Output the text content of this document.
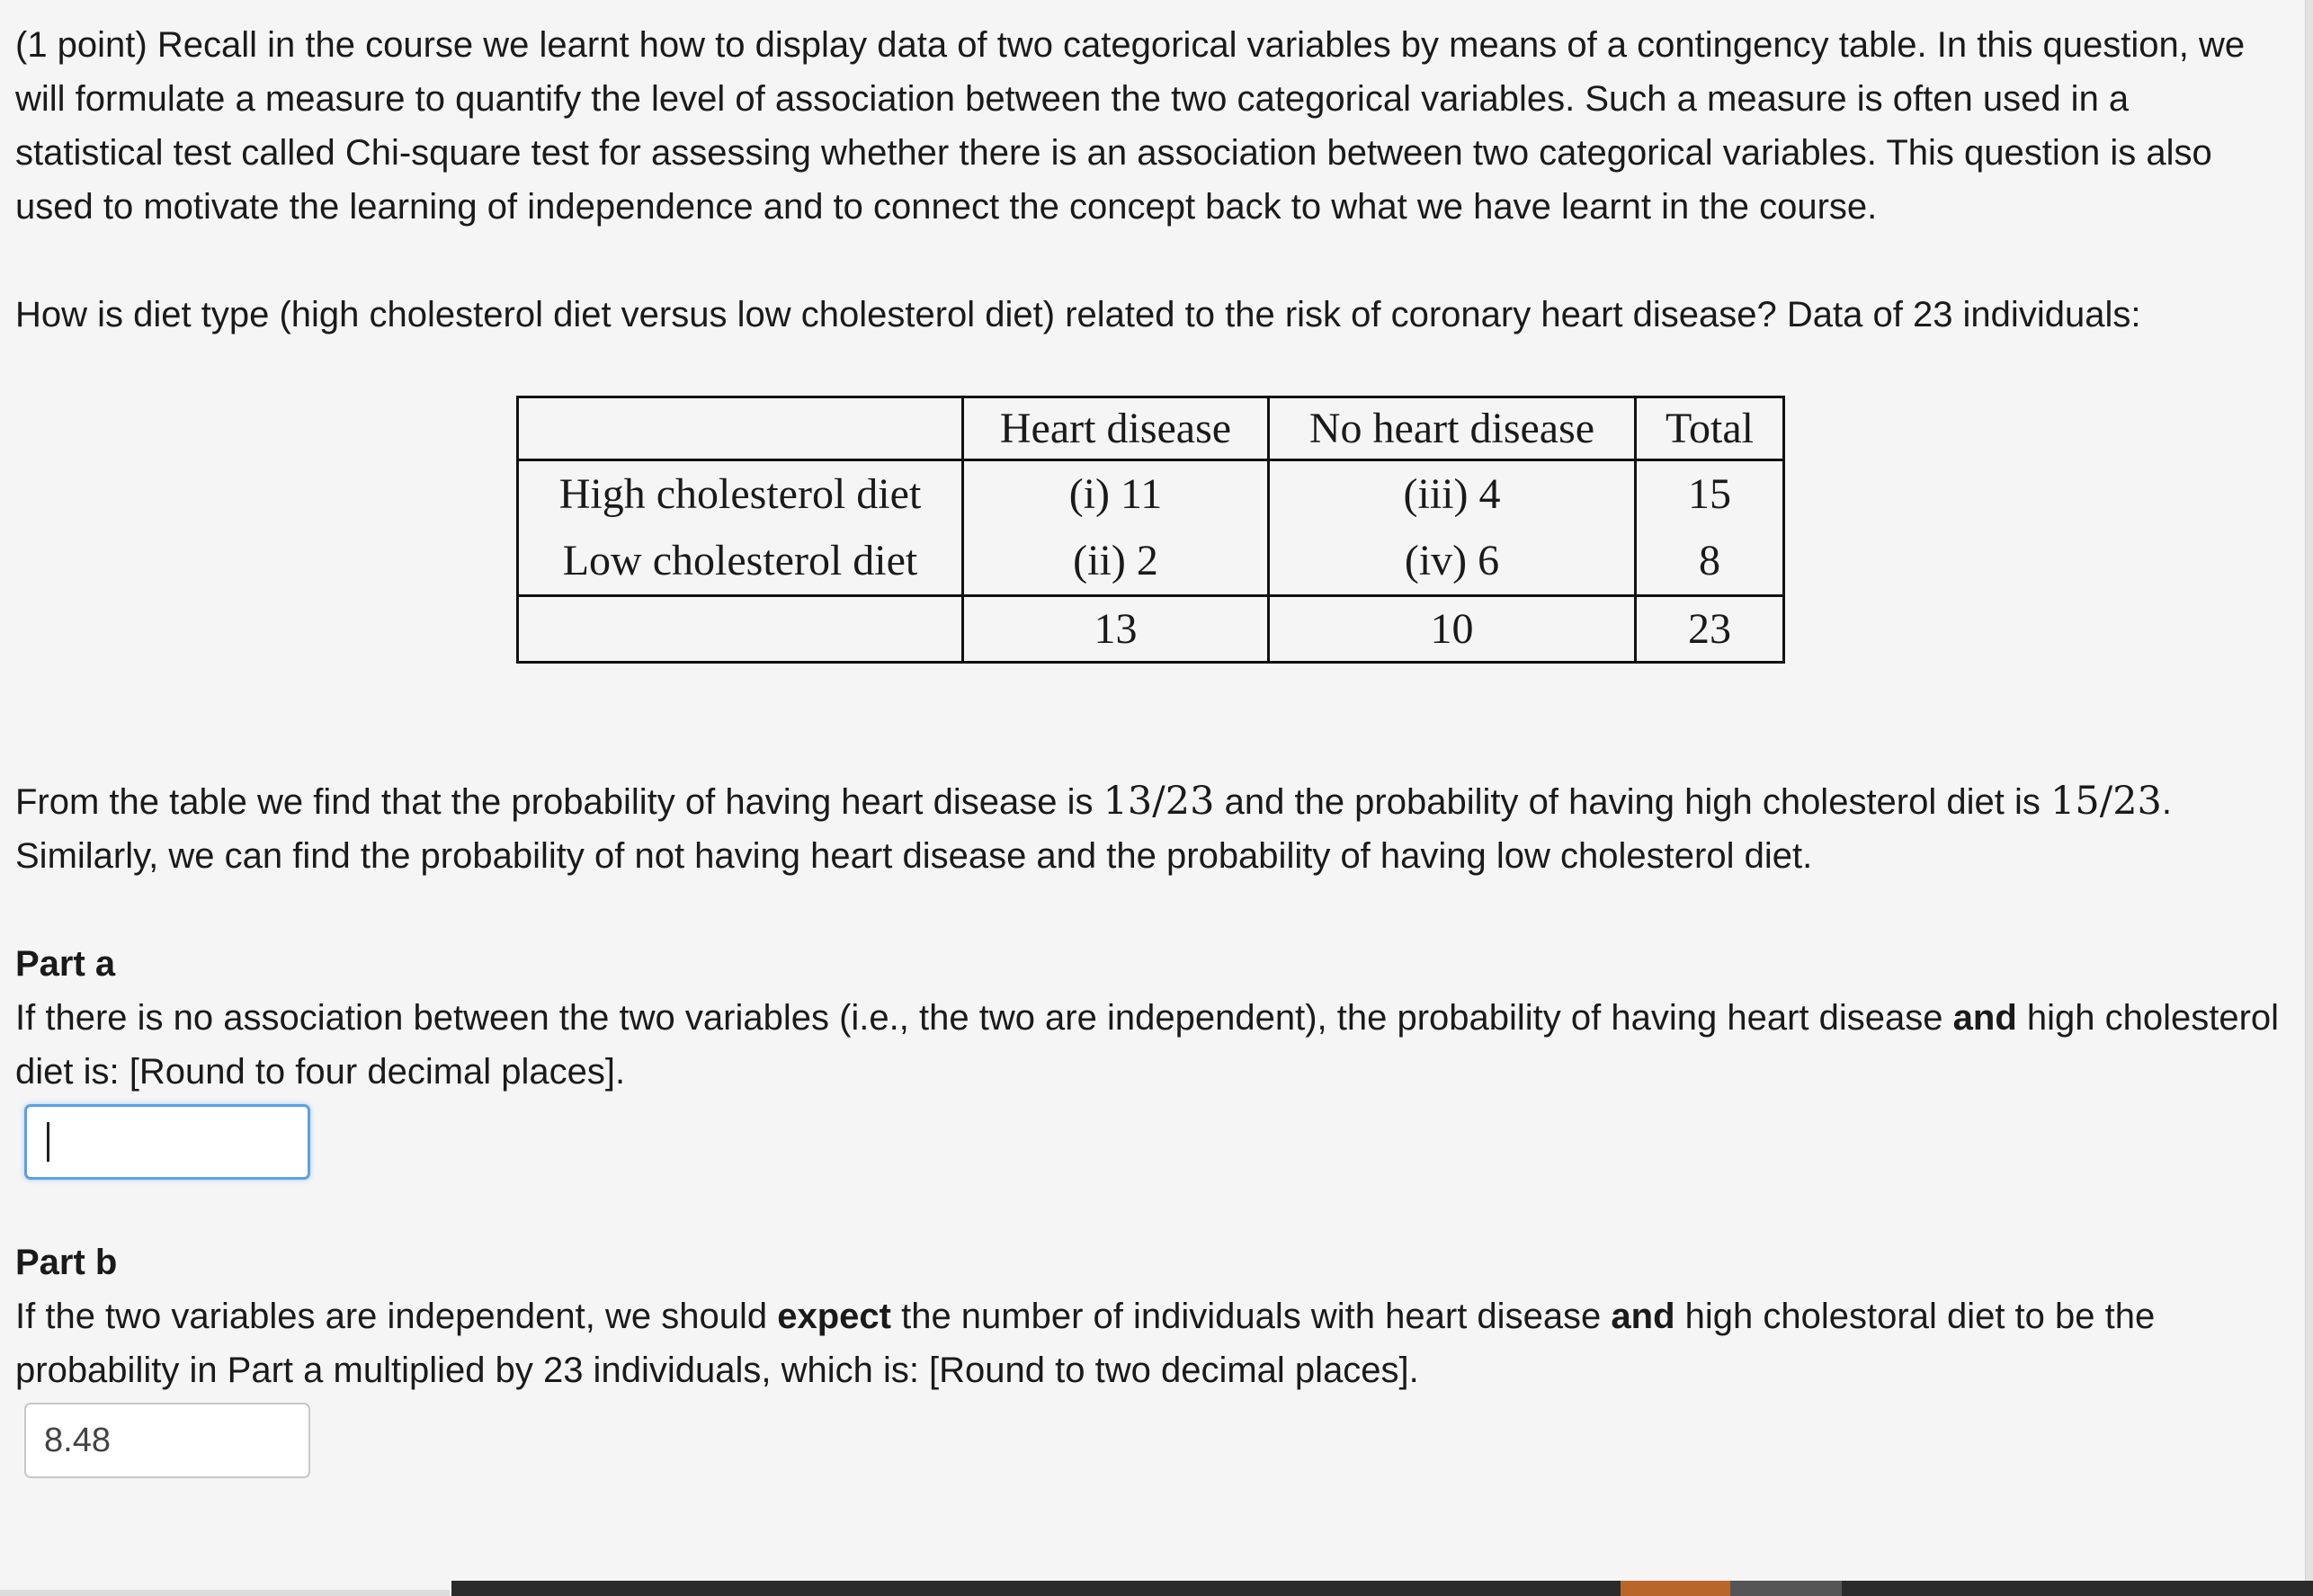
(1 point) Recall in the course we learnt how to display data of two categorical variables by means of a contingency table. In this question, we will formulate a measure to quantify the level of association between the two categorical variables. Such a measure is often used in a statistical test called Chi-square test for assessing whether there is an association between two categorical variables. This question is also used to motivate the learning of independence and to connect the concept back to what we have learnt in the course.

How is diet type (high cholesterol diet versus low cholesterol diet) related to the risk of coronary heart disease? Data of 23 individuals:

	Heart disease	No heart disease	Total
High cholesterol diet	(i) 11	(iii) 4	15
Low cholesterol diet	(ii) 2	(iv) 6	8
	13	10	23

From the table we find that the probability of having heart disease is 13/23 and the probability of having high cholesterol diet is 15/23.
Similarly, we can find the probability of not having heart disease and the probability of having low cholesterol diet.

Part a

If there is no association between the two variables (i.e., the two are independent), the probability of having heart disease and high cholesterol diet is: [Round to four decimal places].

Part b

If the two variables are independent, we should expect the number of individuals with heart disease and high cholestoral diet to be the probability in Part a multiplied by 23 individuals, which is: [Round to two decimal places].

8.48
